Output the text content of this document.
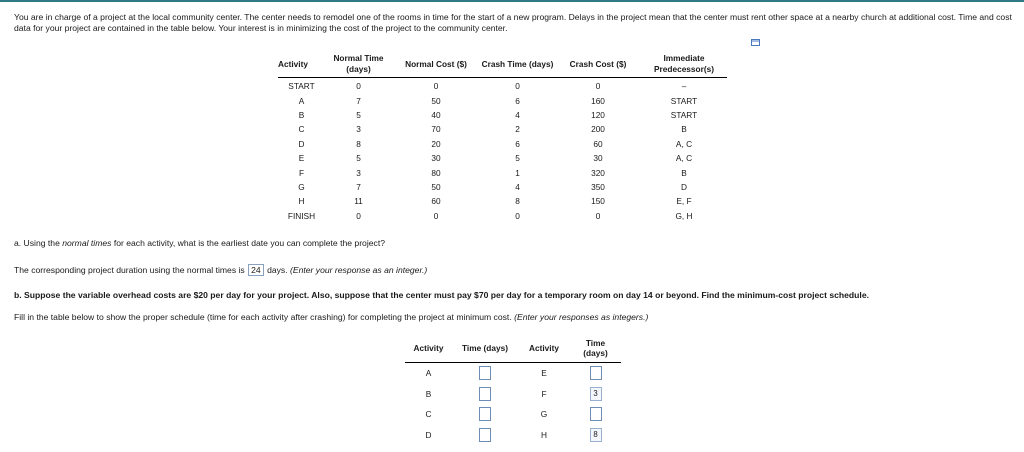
You are in charge of a project at the local community center. The center needs to remodel one of the rooms in time for the start of a new program. Delays in the project mean that the center must rent other space at a nearby church at additional cost. Time and cost data for your project are contained in the table below. Your interest is in minimizing the cost of the project to the community center.
Activity	Normal Time (days)	Normal Cost ($)	Crash Time (days)	Crash Cost ($)	Immediate Predecessor(s)
START	0	0	0	0	–
A	7	50	6	160	START
B	5	40	4	120	START
C	3	70	2	200	B
D	8	20	6	60	A, C
E	5	30	5	30	A, C
F	3	80	1	320	B
G	7	50	4	350	D
H	11	60	8	150	E, F
FINISH	0	0	0	0	G, H
a. Using the normal times for each activity, what is the earliest date you can complete the project?
The corresponding project duration using the normal times is 24 days. (Enter your response as an integer.)
b. Suppose the variable overhead costs are $20 per day for your project. Also, suppose that the center must pay $70 per day for a temporary room on day 14 or beyond. Find the minimum-cost project schedule.
Fill in the table below to show the proper schedule (time for each activity after crashing) for completing the project at minimum cost. (Enter your responses as integers.)
Activity	Time (days)	Activity	Time (days)
A		E	
B		F	3
C		G	
D		H	8
